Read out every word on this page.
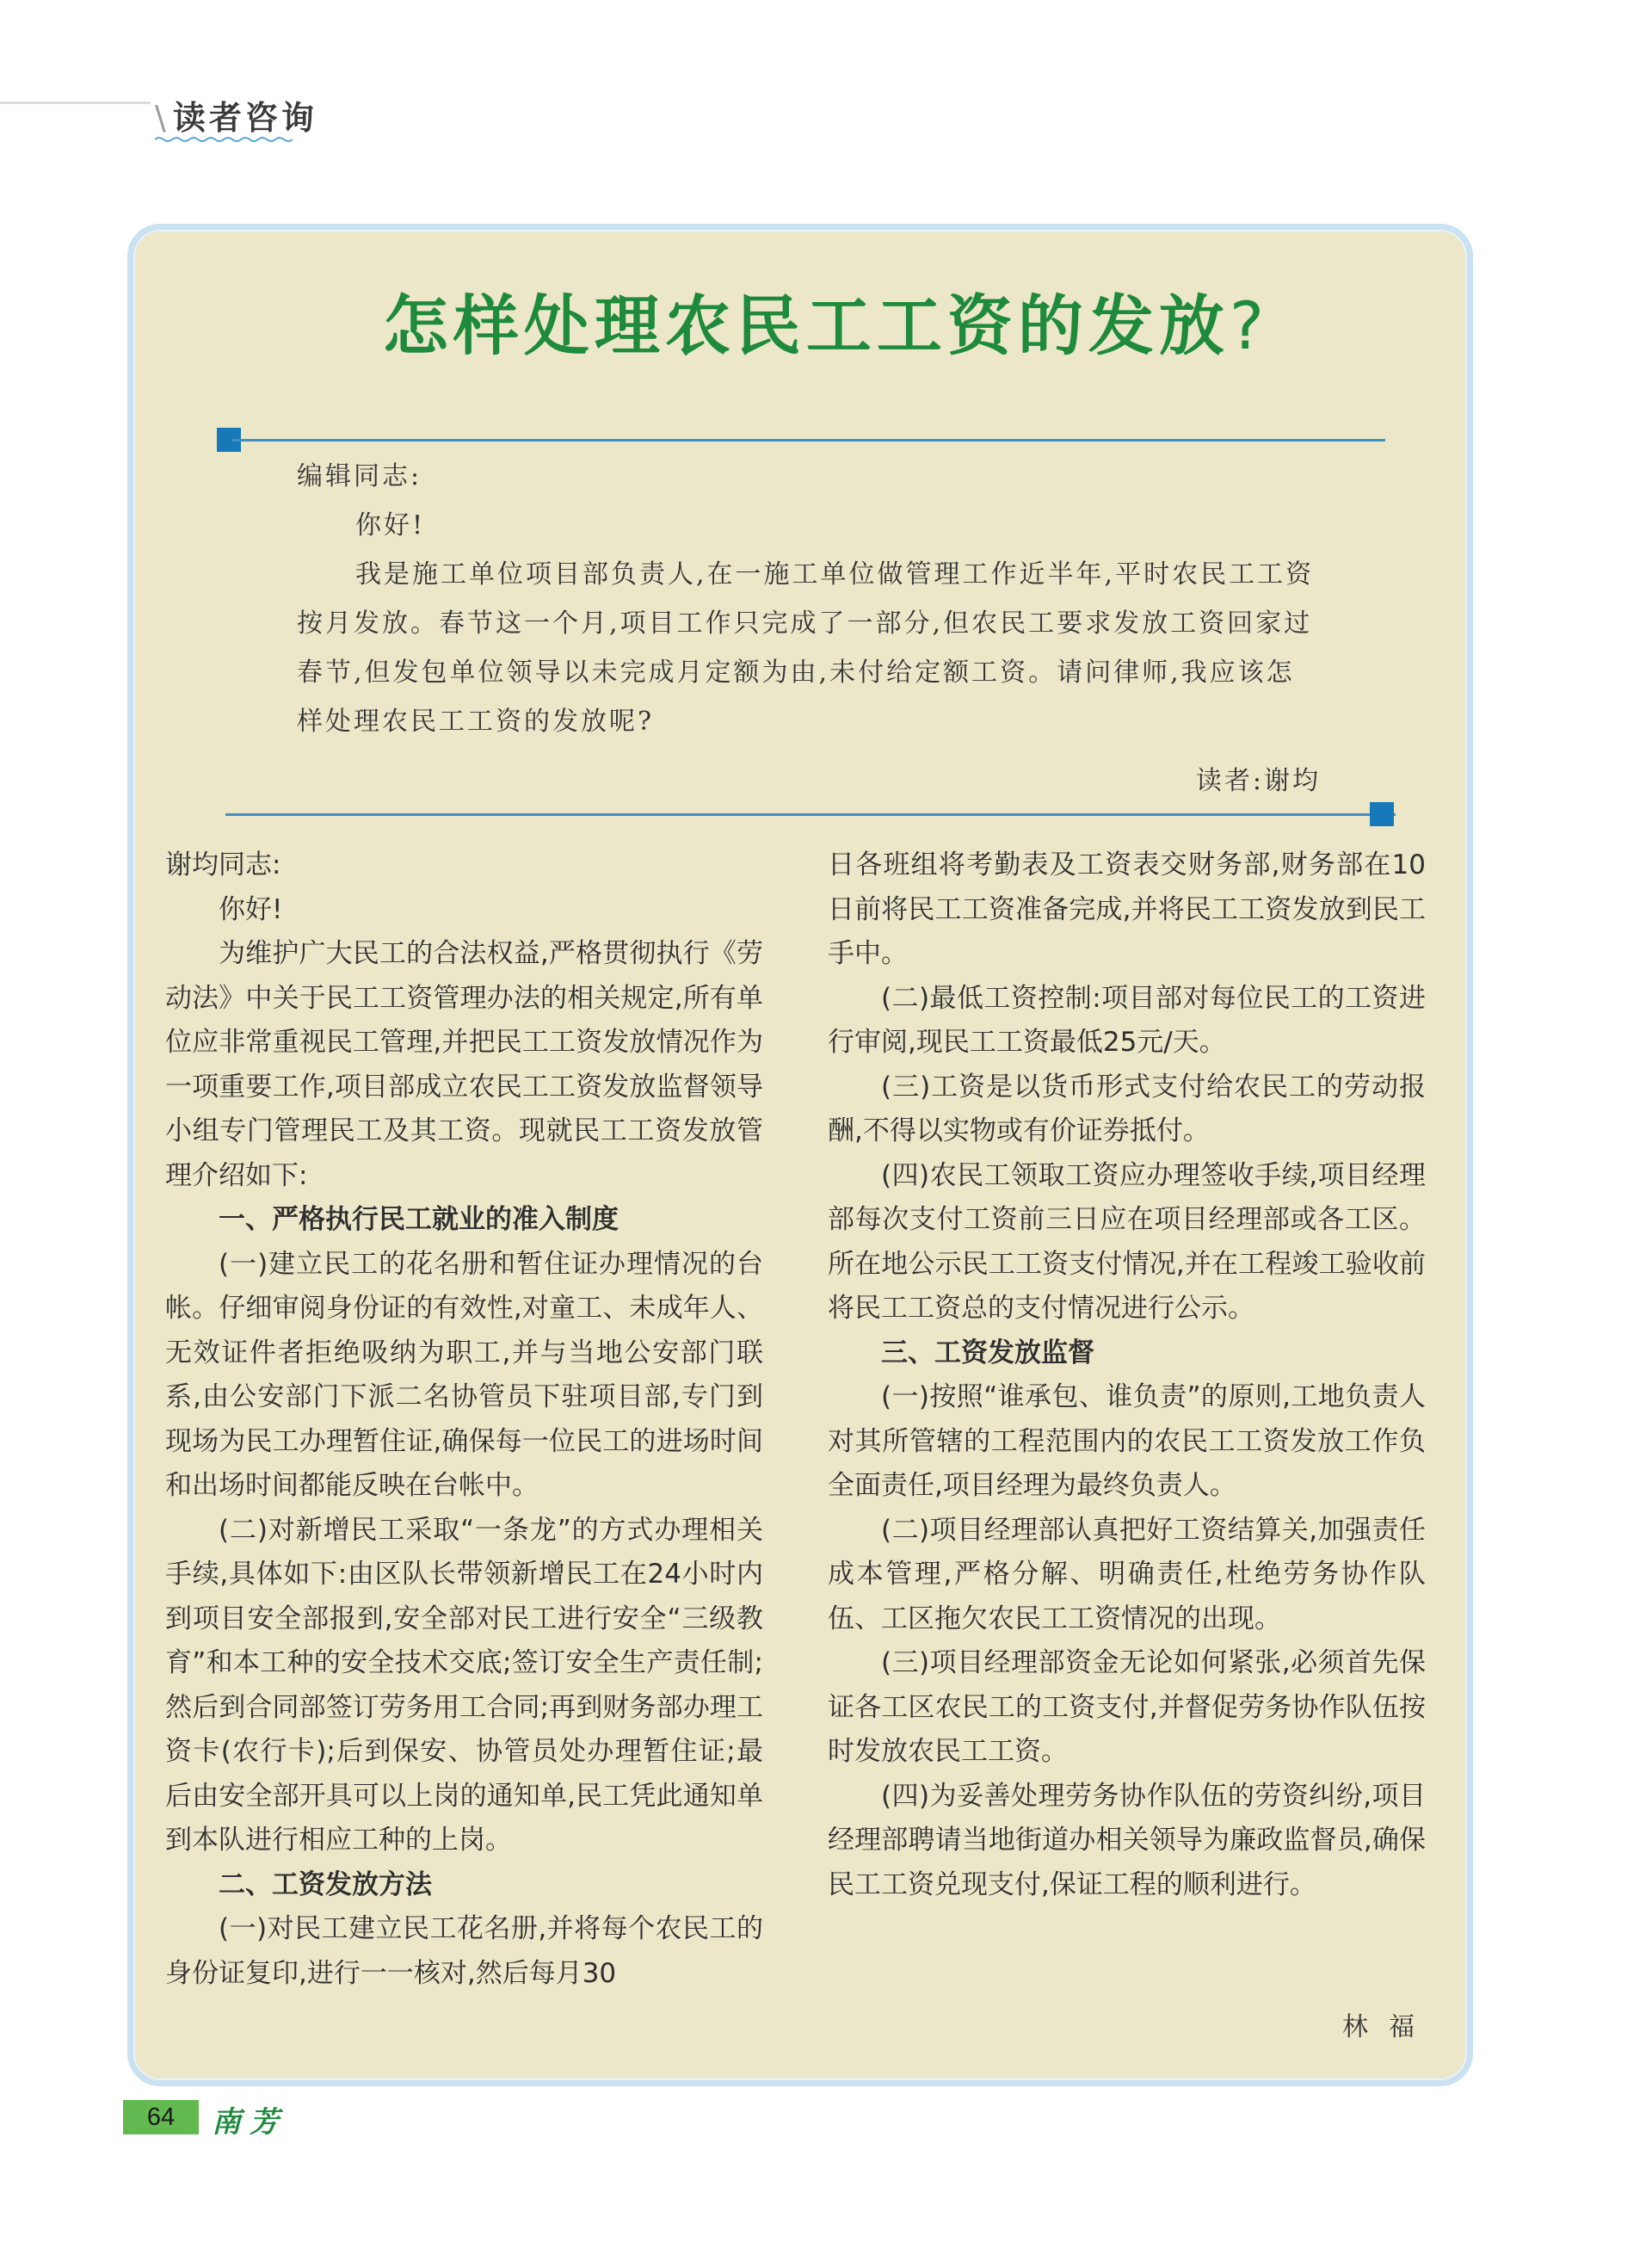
\ 读者咨询
怎样处理农民工工资的发放?

编辑同志:

你好!

我是施工单位项目部负责人,在一施工单位做管理工作近半年,平时农民工工资按月发放。春节这一个月,项目工作只完成了一部分,但农民工要求发放工资回家过春节,但发包单位领导以未完成月定额为由,未付给定额工资。请问律师,我应该怎样处理农民工工资的发放呢?

读者:谢均

谢均同志:

你好!

为维护广大民工的合法权益,严格贯彻执行《劳动法》中关于民工工资管理办法的相关规定,所有单位应非常重视民工管理,并把民工工资发放情况作为一项重要工作,项目部成立农民工工资发放监督领导小组专门管理民工及其工资。现就民工工资发放管理介绍如下:

一、严格执行民工就业的准入制度

(一)建立民工的花名册和暂住证办理情况的台帐。仔细审阅身份证的有效性,对童工、未成年人、无效证件者拒绝吸纳为职工,并与当地公安部门联系,由公安部门下派二名协管员下驻项目部,专门到现场为民工办理暂住证,确保每一位民工的进场时间和出场时间都能反映在台帐中。

(二)对新增民工采取“一条龙”的方式办理相关手续,具体如下:由区队长带领新增民工在24小时内到项目安全部报到,安全部对民工进行安全“三级教育”和本工种的安全技术交底;签订安全生产责任制;然后到合同部签订劳务用工合同;再到财务部办理工资卡(农行卡);后到保安、协管员处办理暂住证;最后由安全部开具可以上岗的通知单,民工凭此通知单到本队进行相应工种的上岗。

二、工资发放方法

(一)对民工建立民工花名册,并将每个农民工的身份证复印,进行一一核对,然后每月30

日各班组将考勤表及工资表交财务部,财务部在10日前将民工工资准备完成,并将民工工资发放到民工手中。

(二)最低工资控制:项目部对每位民工的工资进行审阅,现民工工资最低25元/天。

(三)工资是以货币形式支付给农民工的劳动报酬,不得以实物或有价证券抵付。

(四)农民工领取工资应办理签收手续,项目经理部每次支付工资前三日应在项目经理部或各工区。所在地公示民工工资支付情况,并在工程竣工验收前将民工工资总的支付情况进行公示。

三、工资发放监督

(一)按照“谁承包、谁负责”的原则,工地负责人对其所管辖的工程范围内的农民工工资发放工作负全面责任,项目经理为最终负责人。

(二)项目经理部认真把好工资结算关,加强责任成本管理,严格分解、明确责任,杜绝劳务协作队伍、工区拖欠农民工工资情况的出现。

(三)项目经理部资金无论如何紧张,必须首先保证各工区农民工的工资支付,并督促劳务协作队伍按时发放农民工工资。

(四)为妥善处理劳务协作队伍的劳资纠纷,项目经理部聘请当地街道办相关领导为廉政监督员,确保民工工资兑现支付,保证工程的顺利进行。

林福
64	南芳
